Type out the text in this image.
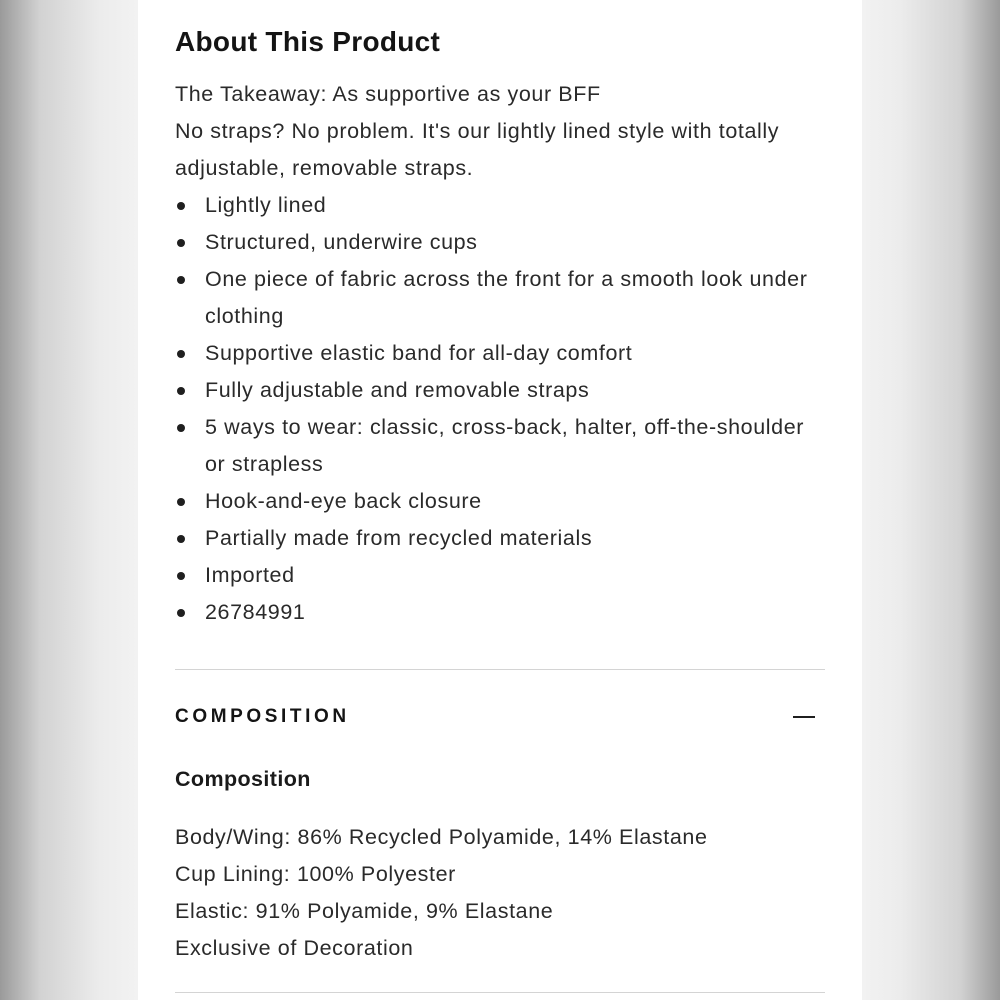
About This Product

The Takeaway: As supportive as your BFF

No straps? No problem. It's our lightly lined style with totally adjustable, removable straps.

Lightly lined
Structured, underwire cups
One piece of fabric across the front for a smooth look under clothing
Supportive elastic band for all-day comfort
Fully adjustable and removable straps
5 ways to wear: classic, cross-back, halter, off-the-shoulder or strapless
Hook-and-eye back closure
Partially made from recycled materials
Imported
26784991
COMPOSITION
Composition

Body/Wing: 86% Recycled Polyamide, 14% Elastane

Cup Lining: 100% Polyester

Elastic: 91% Polyamide, 9% Elastane

Exclusive of Decoration
